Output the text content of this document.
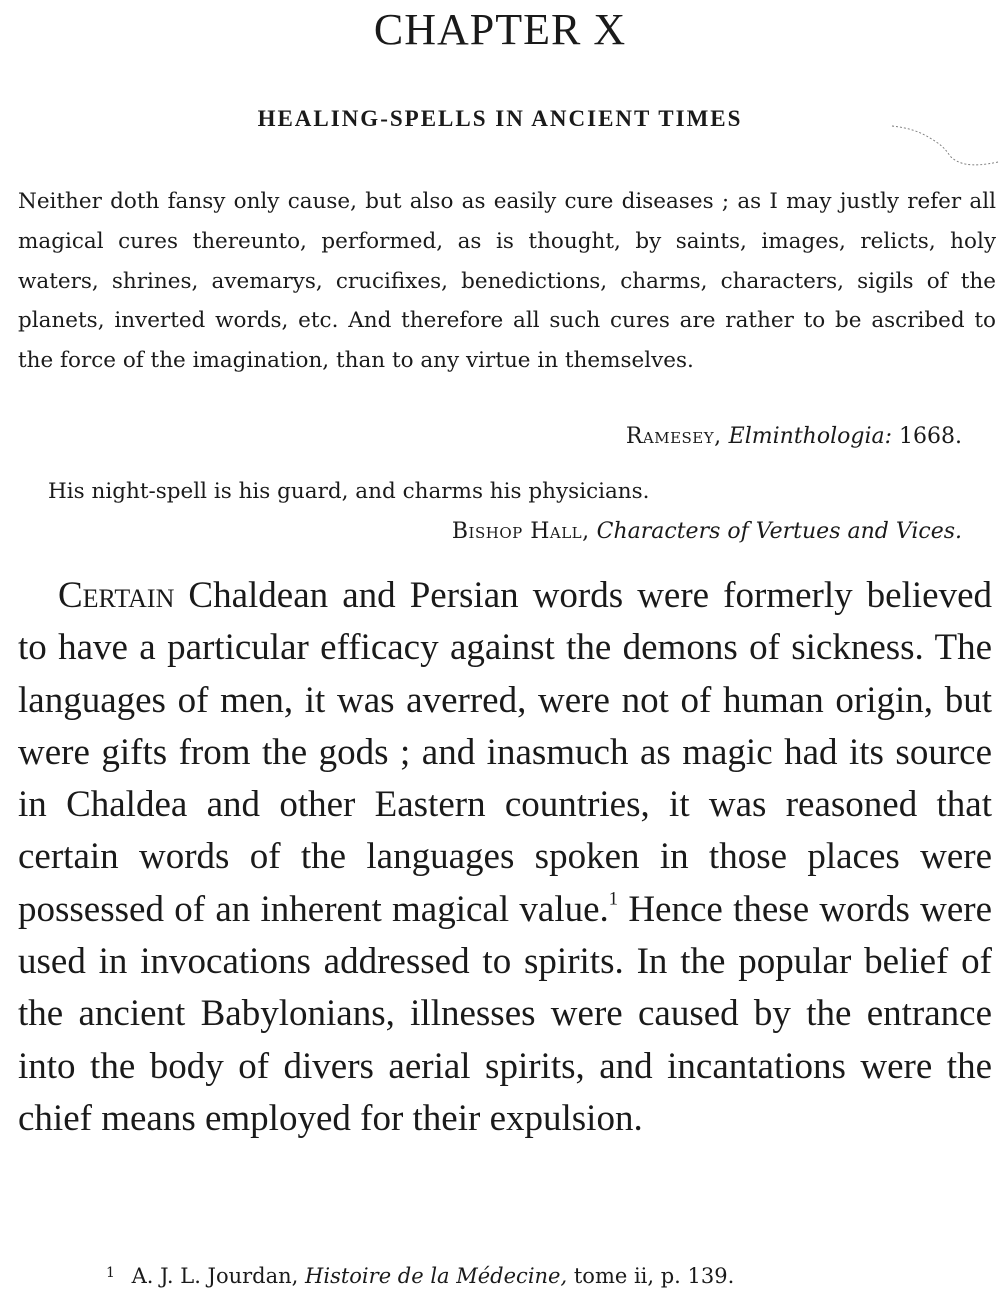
CHAPTER X
HEALING-SPELLS IN ANCIENT TIMES

Neither doth fansy only cause, but also as easily cure diseases ; as I may justly refer all magical cures thereunto, performed, as is thought, by saints, images, relicts, holy waters, shrines, avemarys, crucifixes, benedictions, charms, characters, sigils of the planets, inverted words, etc. And therefore all such cures are rather to be ascribed to the force of the imagination, than to any virtue in themselves.

Ramesey, Elminthologia: 1668.

His night-spell is his guard, and charms his physicians.

Bishop Hall, Characters of Vertues and Vices.

Certain Chaldean and Persian words were formerly believed to have a particular efficacy against the demons of sickness. The languages of men, it was averred, were not of human origin, but were gifts from the gods ; and inasmuch as magic had its source in Chaldea and other Eastern countries, it was reasoned that certain words of the languages spoken in those places were possessed of an inherent magical value.$^1$ Hence these words were used in invocations addressed to spirits. In the popular belief of the ancient Babylonians, illnesses were caused by the entrance into the body of divers aerial spirits, and incantations were the chief means employed for their expulsion.

$^1$ A. J. L. Jourdan, Histoire de la Médecine, tome ii, p. 139.
